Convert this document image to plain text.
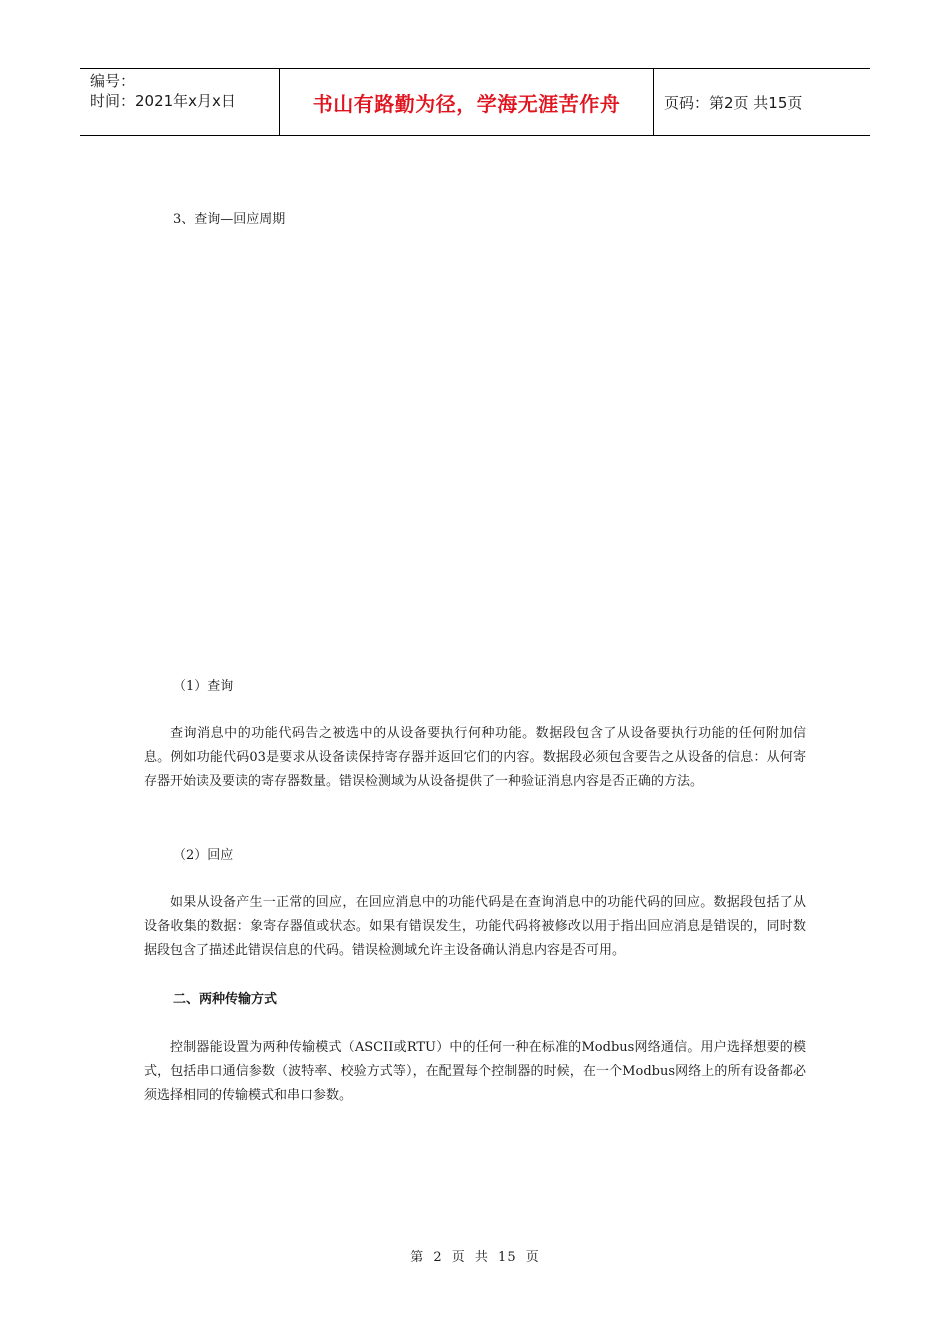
编号：
时间：2021年x月x日	书山有路勤为径，学海无涯苦作舟	页码：第2页 共15页
3、查询—回应周期
（1）查询

查询消息中的功能代码告之被选中的从设备要执行何种功能。数据段包含了从设备要执行功能的任何附加信息。例如功能代码03是要求从设备读保持寄存器并返回它们的内容。数据段必须包含要告之从设备的信息：从何寄存器开始读及要读的寄存器数量。错误检测域为从设备提供了一种验证消息内容是否正确的方法。

（2）回应

如果从设备产生一正常的回应，在回应消息中的功能代码是在查询消息中的功能代码的回应。数据段包括了从设备收集的数据：象寄存器值或状态。如果有错误发生，功能代码将被修改以用于指出回应消息是错误的，同时数据段包含了描述此错误信息的代码。错误检测域允许主设备确认消息内容是否可用。

二、两种传输方式

控制器能设置为两种传输模式（ASCII或RTU）中的任何一种在标准的Modbus网络通信。用户选择想要的模式，包括串口通信参数（波特率、校验方式等），在配置每个控制器的时候，在一个Modbus网络上的所有设备都必须选择相同的传输模式和串口参数。

第 2 页 共 15 页
